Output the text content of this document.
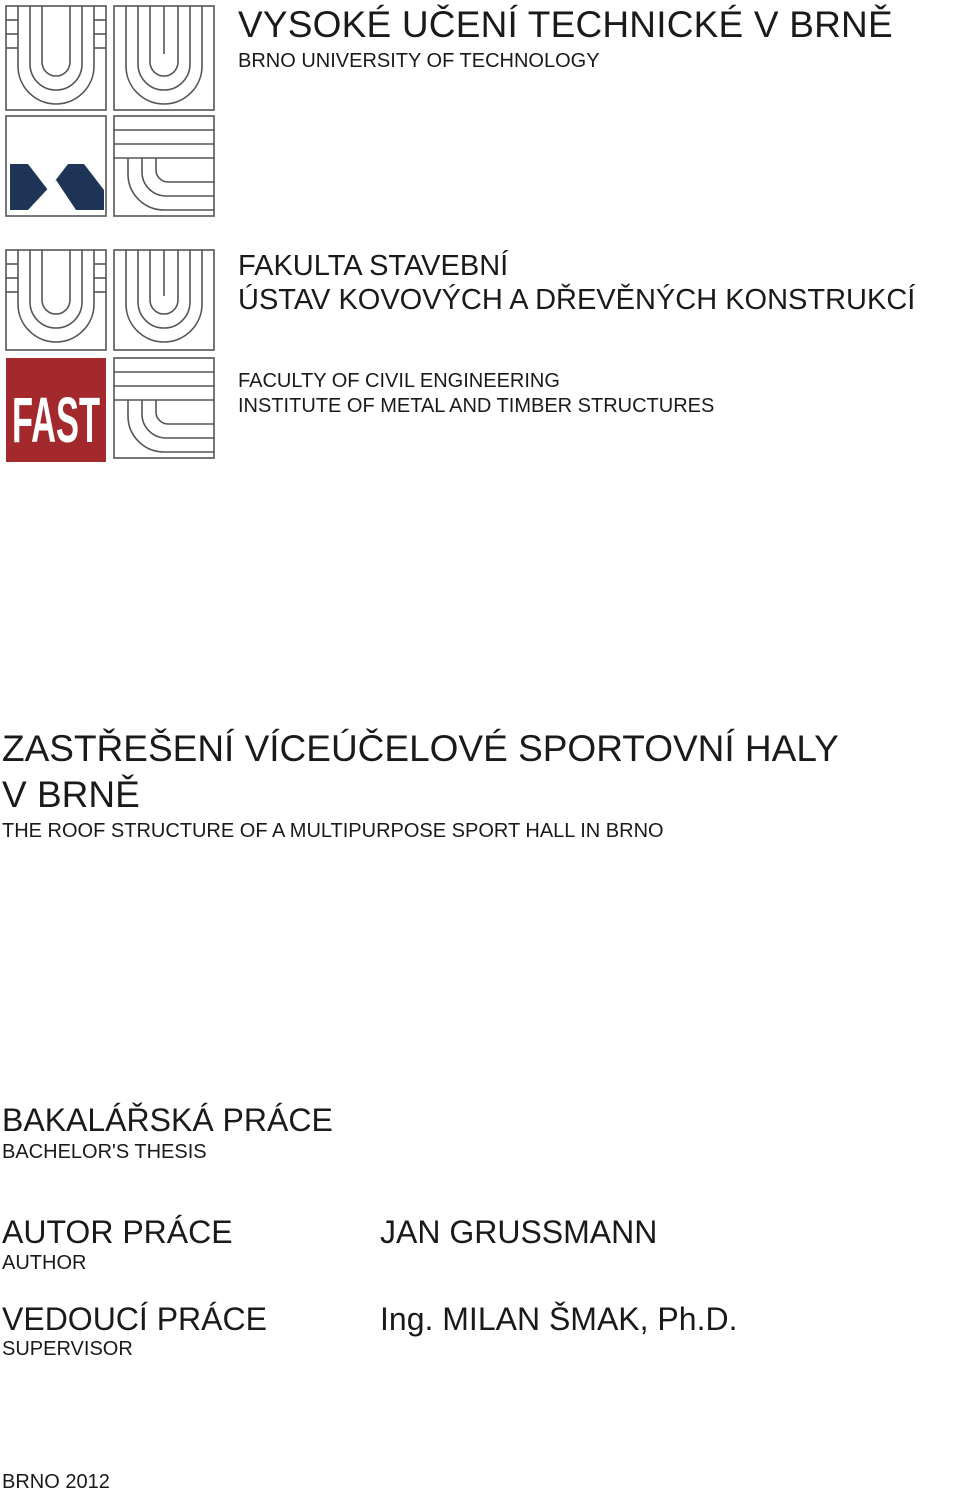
FAST
VYSOKÉ UČENÍ TECHNICKÉ V BRNĚ
BRNO UNIVERSITY OF TECHNOLOGY
FAKULTA STAVEBNÍ
ÚSTAV KOVOVÝCH A DŘEVĚNÝCH KONSTRUKCÍ
FACULTY OF CIVIL ENGINEERING
INSTITUTE OF METAL AND TIMBER STRUCTURES
ZASTŘEŠENÍ VÍCEÚČELOVÉ SPORTOVNÍ HALY
V BRNĚ
THE ROOF STRUCTURE OF A MULTIPURPOSE SPORT HALL IN BRNO
BAKALÁŘSKÁ PRÁCE
BACHELOR'S THESIS
AUTOR PRÁCE
AUTHOR
JAN GRUSSMANN
VEDOUCÍ PRÁCE
SUPERVISOR
Ing. MILAN ŠMAK, Ph.D.
BRNO 2012
